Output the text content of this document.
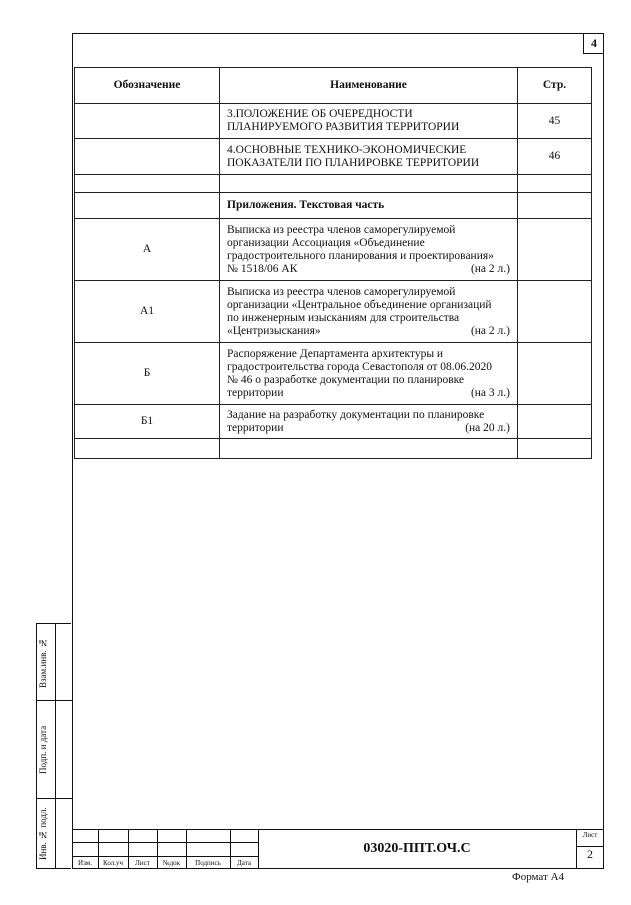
4
Обозначение	Наименование	Стр.

	3.ПОЛОЖЕНИЕ ОБ ОЧЕРЕДНОСТИ
ПЛАНИРУЕМОГО РАЗВИТИЯ ТЕРРИТОРИИ	45

	4.ОСНОВНЫЕ ТЕХНИКО-ЭКОНОМИЧЕСКИЕ
ПОКАЗАТЕЛИ ПО ПЛАНИРОВКЕ ТЕРРИТОРИИ	46

	Приложения. Текстовая часть	
А	Выписка из реестра членов саморегулируемой
организации Ассоциация «Объединение
градостроительного планирования и проектирования»
№ 1518/06 АК (на 2 л.)	

А1	Выписка из реестра членов саморегулируемой
организации «Центральное объединение организаций
по инженерным изысканиям для строительства
«Центризыскания» (на 2 л.)	

Б	Распоряжение Департамента архитектуры и
градостроительства города Севастополя от 08.06.2020
№ 46 о разработке документации по планировке
территории (на 3 л.)	

Б1	Задание на разработку документации по планировке
территории (на 20 л.)	

Взам.инв. №
Подп. и дата
Инв. № подл.
Изм.	Кол.уч	Лист	№док	Подпись	Дата
03020-ППТ.ОЧ.С
Лист
2
Формат А4
